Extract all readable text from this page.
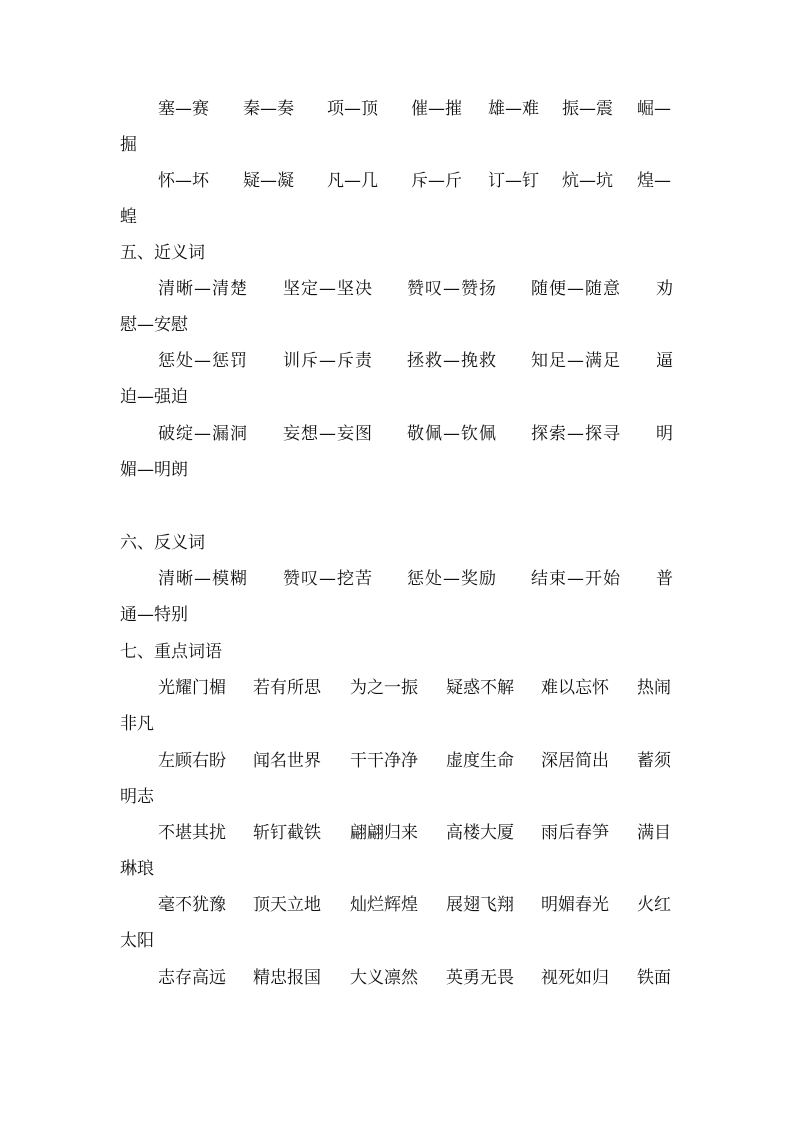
塞—赛 秦—奏 项—顶 催—摧 雄—难 振—震 崛—
掘
怀—坏 疑—凝 凡—几 斥—斤 订—钉 炕—坑 煌—
蝗
五、近义词
清晰—清楚 坚定—坚决 赞叹—赞扬 随便—随意 劝
慰—安慰
惩处—惩罚 训斥—斥责 拯救—挽救 知足—满足 逼
迫—强迫
破绽—漏洞 妄想—妄图 敬佩—钦佩 探索—探寻 明
媚—明朗
六、反义词
清晰—模糊 赞叹—挖苦 惩处—奖励 结束—开始 普
通—特别
七、重点词语
光耀门楣 若有所思 为之一振 疑惑不解 难以忘怀 热闹
非凡
左顾右盼 闻名世界 干干净净 虚度生命 深居简出 蓄须
明志
不堪其扰 斩钉截铁 翩翩归来 高楼大厦 雨后春笋 满目
琳琅
毫不犹豫 顶天立地 灿烂辉煌 展翅飞翔 明媚春光 火红
太阳
志存高远 精忠报国 大义凛然 英勇无畏 视死如归 铁面
